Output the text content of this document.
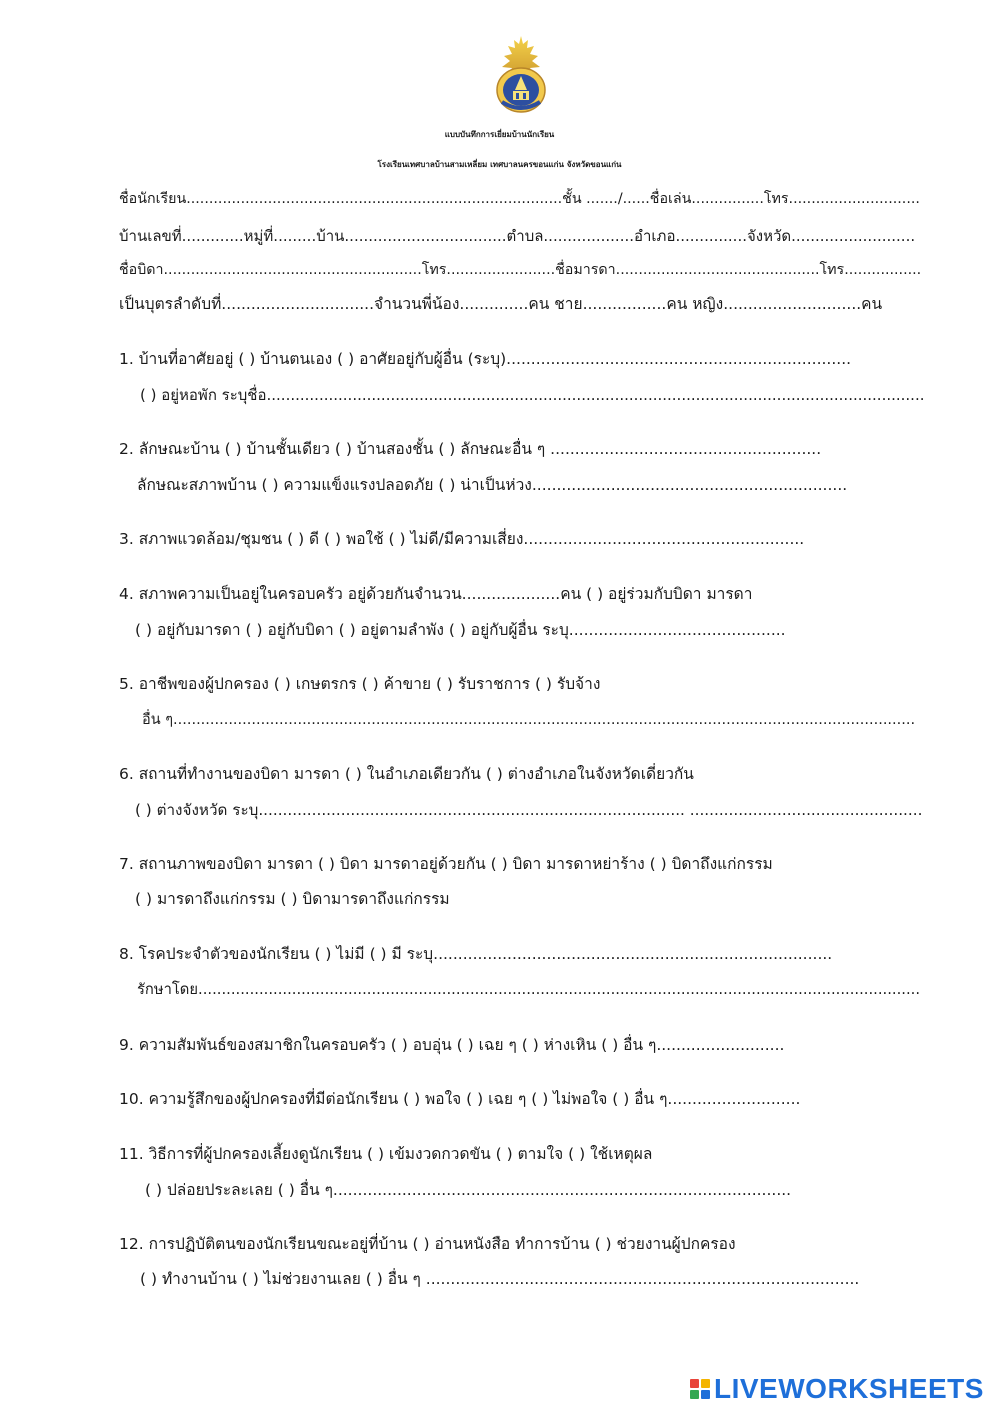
แบบบันทึกการเยี่ยมบ้านนักเรียน
โรงเรียนเทศบาลบ้านสามเหลี่ยม เทศบาลนครขอนแก่น จังหวัดขอนแก่น
ชื่อนักเรียน...................................................................................ชั้น ......./......ชื่อเล่น................โทร.............................
บ้านเลขที่.............หมู่ที่.........บ้าน..................................ตำบล...................อำเภอ...............จังหวัด..........................
ชื่อบิดา.........................................................โทร........................ชื่อมารดา.............................................โทร.................
เป็นบุตรลำดับที่...............................จำนวนพี่น้อง..............คน ชาย.................คน หญิง............................คน
1. บ้านที่อาศัยอยู่ ( ) บ้านตนเอง ( ) อาศัยอยู่กับผู้อื่น (ระบุ)......................................................................
( ) อยู่หอพัก ระบุชื่อ..........................................................................................................................................
2. ลักษณะบ้าน ( ) บ้านชั้นเดียว ( ) บ้านสองชั้น ( ) ลักษณะอื่น ๆ .......................................................
ลักษณะสภาพบ้าน ( ) ความแข็งแรงปลอดภัย ( ) น่าเป็นห่วง................................................................
3. สภาพแวดล้อม/ชุมชน ( ) ดี ( ) พอใช้ ( ) ไม่ดี/มีความเสี่ยง.........................................................
4. สภาพความเป็นอยู่ในครอบครัว อยู่ด้วยกันจำนวน....................คน ( ) อยู่ร่วมกับบิดา มารดา
( ) อยู่กับมารดา ( ) อยู่กับบิดา ( ) อยู่ตามลำพัง ( ) อยู่กับผู้อื่น ระบุ............................................
5. อาชีพของผู้ปกครอง ( ) เกษตรกร ( ) ค้าขาย ( ) รับราชการ ( ) รับจ้าง
อื่น ๆ.................................................................................................................................................................
6. สถานที่ทำงานของบิดา มารดา ( ) ในอำเภอเดียวกัน ( ) ต่างอำเภอในจังหวัดเดี่ยวกัน
( ) ต่างจังหวัด ระบุ........................................................................................ ................................................
7. สถานภาพของบิดา มารดา ( ) บิดา มารดาอยู่ด้วยกัน ( ) บิดา มารดาหย่าร้าง ( ) บิดาถึงแก่กรรม
( ) มารดาถึงแก่กรรม ( ) บิดามารดาถึงแก่กรรม
8. โรคประจำตัวของนักเรียน ( ) ไม่มี ( ) มี ระบุ.................................................................................
รักษาโดย..........................................................................................................................................................
9. ความสัมพันธ์ของสมาชิกในครอบครัว ( ) อบอุ่น ( ) เฉย ๆ ( ) ห่างเหิน ( ) อื่น ๆ..........................
10. ความรู้สึกของผู้ปกครองที่มีต่อนักเรียน ( ) พอใจ ( ) เฉย ๆ ( ) ไม่พอใจ ( ) อื่น ๆ...........................
11. วิธีการที่ผู้ปกครองเลี้ยงดูนักเรียน ( ) เข้มงวดกวดขัน ( ) ตามใจ ( ) ใช้เหตุผล
( ) ปล่อยประละเลย ( ) อื่น ๆ.............................................................................................
12. การปฏิบัติตนของนักเรียนขณะอยู่ที่บ้าน ( ) อ่านหนังสือ ทำการบ้าน ( ) ช่วยงานผู้ปกครอง
( ) ทำงานบ้าน ( ) ไม่ช่วยงานเลย ( ) อื่น ๆ ........................................................................................
LIVEWORKSHEETS
